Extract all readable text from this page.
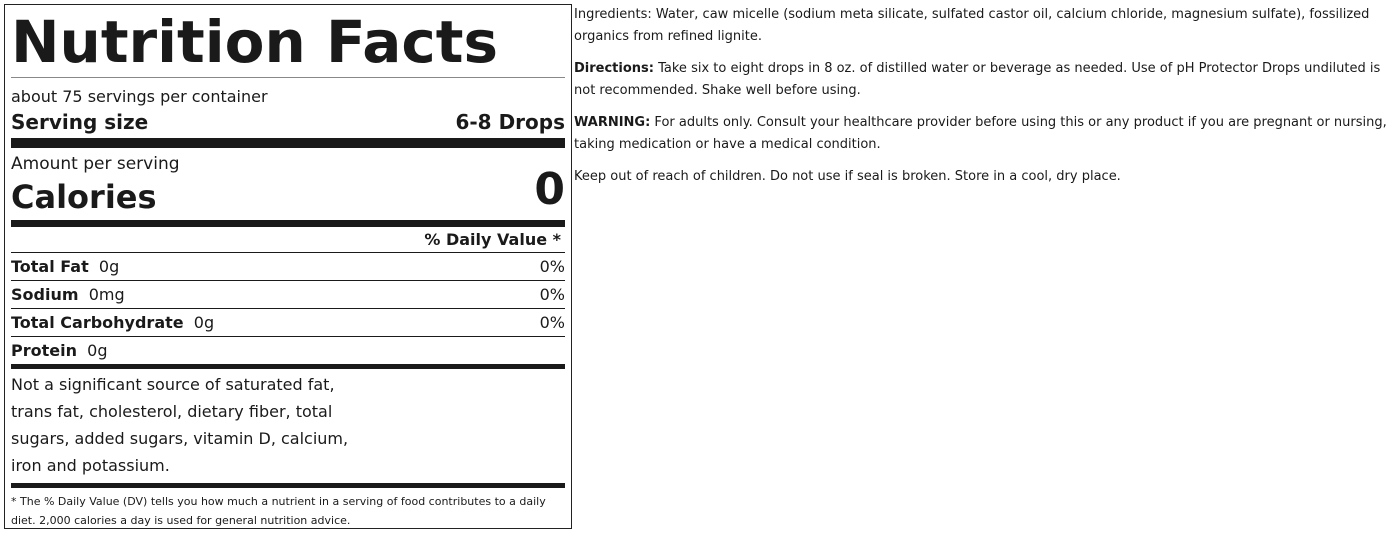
Nutrition Facts
about 75 servings per container
Serving size	6-8 Drops
Amount per serving
Calories	0
% Daily Value *
Total Fat 0g	0%
Sodium 0mg	0%
Total Carbohydrate 0g	0%
Protein 0g
Not a significant source of saturated fat, trans fat, cholesterol, dietary fiber, total sugars, added sugars, vitamin D, calcium, iron and potassium.
* The % Daily Value (DV) tells you how much a nutrient in a serving of food contributes to a daily diet. 2,000 calories a day is used for general nutrition advice.

Ingredients: Water, caw micelle (sodium meta silicate, sulfated castor oil, calcium chloride, magnesium sulfate), fossilized organics from refined lignite.

Directions: Take six to eight drops in 8 oz. of distilled water or beverage as needed. Use of pH Protector Drops undiluted is not recommended. Shake well before using.

WARNING: For adults only. Consult your healthcare provider before using this or any product if you are pregnant or nursing, taking medication or have a medical condition.

Keep out of reach of children. Do not use if seal is broken. Store in a cool, dry place.
